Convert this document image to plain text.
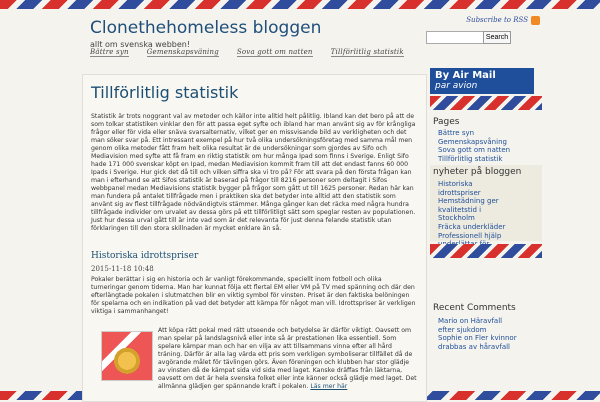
Clonethehomeless bloggen
allt om svenska webben!
Bättre syn	Gemenskapsväning	Sova gott om natten	Tillförlitlig statistik
Subscribe to RSS
Search
Tillförlitlig statistik
Statistik är trots noggrant val av metoder och källor inte alltid helt pålitlig. Ibland kan det bero på att de som tolkar statistiken vinklar den för att passa eget syfte och ibland har man använt sig av för krångliga frågor eller för vida eller snäva svarsalternativ, vilket ger en missvisande bild av verkligheten och det man söker svar på. Ett intressant exempel på hur två olika undersökningsföretag med samma mål men genom olika metoder fått fram helt olika resultat är de undersökningar som gjordes av Sifo och Mediavision med syfte att få fram en riktig statistik om hur många Ipad som finns i Sverige. Enligt Sifo hade 171 000 svenskar köpt en Ipad, medan Mediavision kommit fram till att det endast fanns 60 000 Ipads i Sverige. Hur gick det då till och vilken siffra ska vi tro på? För att svara på den första frågan kan man i efterhand se att Sifos statistik är baserad på frågor till 8216 personer som deltagit i Sifos webbpanel medan Mediavisions statistik bygger på frågor som gått ut till 1625 personer. Redan här kan man fundera på antalet tillfrågade men i praktiken ska det betyder inte alltid att den statistik som använt sig av flest tillfrågade nödvändigtvis stämmer. Många gånger kan det räcka med några hundra tillfrågade individer om urvalet av dessa görs på ett tillförlitligt sätt som speglar resten av populationen. Just hur dessa urval gått till är inte vad som är det relevanta för just denna felande statistik utan förklaringen till den stora skillnaden är mycket enklare än så.
Historiska idrottspriser
2015-11-18 10:48
Pokaler berättar i sig en historia och är vanligt förekommande, speciellt inom fotboll och olika turneringar genom tiderna. Man har kunnat följa ett flertal EM eller VM på TV med spänning och där den efterlängtade pokalen i slutmatchen blir en viktig symbol för vinsten. Priset är den faktiska belöningen för spelarna och en indikation på vad det betyder att kämpa för något man vill. Idrottspriser är verkligen viktiga i sammanhanget!
Att köpa rätt pokal med rätt utseende och betydelse är därför viktigt. Oavsett om man spelar på landslagsnivå eller inte så är prestationen lika essentiell. Som spelare kämpar man och har en vilja av att tillsammans vinna efter all hård träning. Därför är alla lag värda ett pris som verkligen symboliserar tillfället då de avgörande målet för tävlingen görs. Även föreningen och klubben har stor glädje av vinsten då de kämpat sida vid sida med laget. Kanske dräffas från läktarna, oavsett om det är hela svenska folket eller inte känner också glädje med laget. Det allmänna glädjen ger spännande kraft i pokalen. Läs mer här
By Air Mail
par avion
Pages
Bättre syn
Gemenskapsvåning
Sova gott om natten
Tillförlitlig statistik
nyheter på bloggen
Historiska
idrottspriser
Hemstädning ger
kvalitetstid i
Stockholm
Fräcka underkläder
Professionell hjälp
Recent Comments
Mario on Häravfall
efter sjukdom
Sophie on Fler kvinnor
drabbas av håravfall
